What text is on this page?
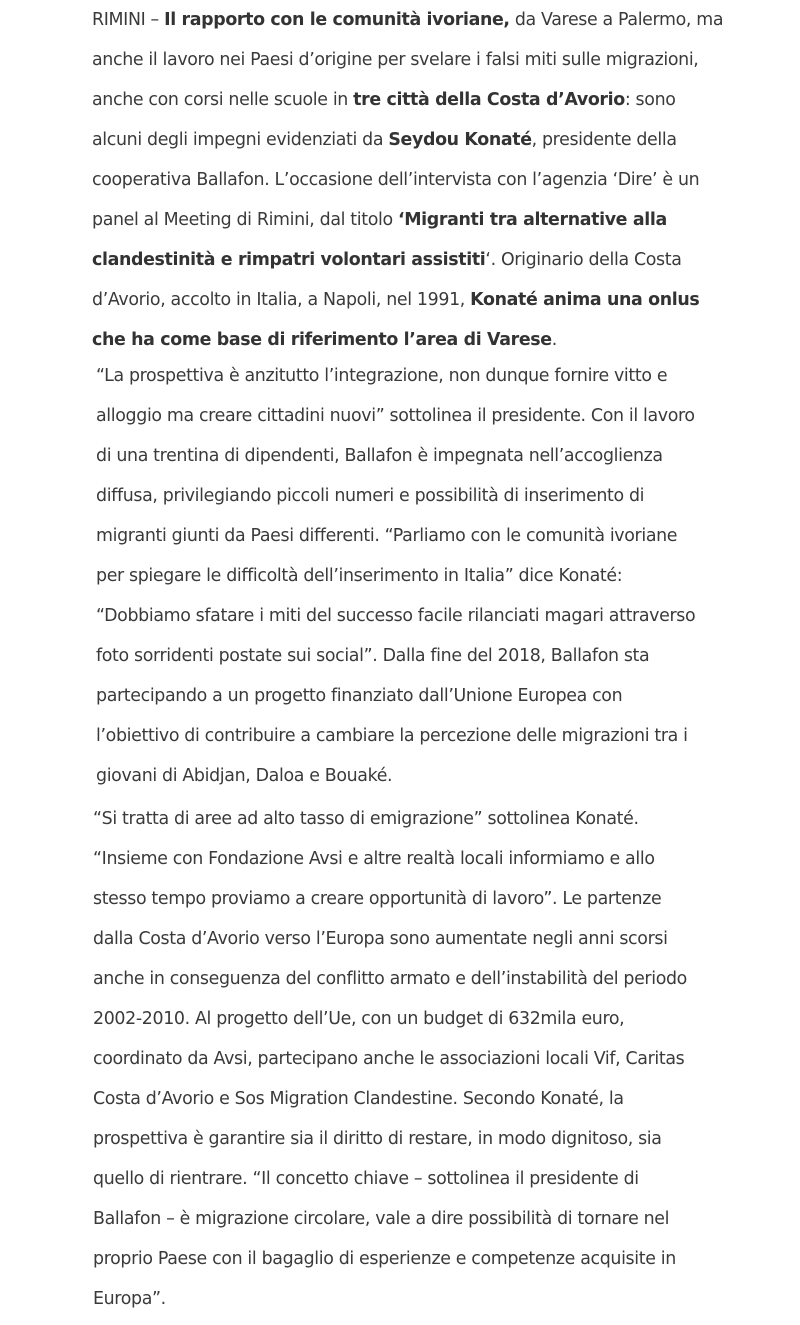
RIMINI – Il rapporto con le comunità ivoriane, da Varese a Palermo, ma
anche il lavoro nei Paesi d’origine per svelare i falsi miti sulle migrazioni,
anche con corsi nelle scuole in tre città della Costa d’Avorio: sono
alcuni degli impegni evidenziati da Seydou Konaté, presidente della
cooperativa Ballafon. L’occasione dell’intervista con l’agenzia ‘Dire’ è un
panel al Meeting di Rimini, dal titolo ‘Migranti tra alternative alla
clandestinità e rimpatri volontari assistiti‘. Originario della Costa
d’Avorio, accolto in Italia, a Napoli, nel 1991, Konaté anima una onlus
che ha come base di riferimento l’area di Varese.

“La prospettiva è anzitutto l’integrazione, non dunque fornire vitto e
alloggio ma creare cittadini nuovi” sottolinea il presidente. Con il lavoro
di una trentina di dipendenti, Ballafon è impegnata nell’accoglienza
diffusa, privilegiando piccoli numeri e possibilità di inserimento di
migranti giunti da Paesi differenti. “Parliamo con le comunità ivoriane
per spiegare le difficoltà dell’inserimento in Italia” dice Konaté:
“Dobbiamo sfatare i miti del successo facile rilanciati magari attraverso
foto sorridenti postate sui social”. Dalla fine del 2018, Ballafon sta
partecipando a un progetto finanziato dall’Unione Europea con
l’obiettivo di contribuire a cambiare la percezione delle migrazioni tra i
giovani di Abidjan, Daloa e Bouaké.

“Si tratta di aree ad alto tasso di emigrazione” sottolinea Konaté.
“Insieme con Fondazione Avsi e altre realtà locali informiamo e allo
stesso tempo proviamo a creare opportunità di lavoro”. Le partenze
dalla Costa d’Avorio verso l’Europa sono aumentate negli anni scorsi
anche in conseguenza del conflitto armato e dell’instabilità del periodo
2002-2010. Al progetto dell’Ue, con un budget di 632mila euro,
coordinato da Avsi, partecipano anche le associazioni locali Vif, Caritas
Costa d’Avorio e Sos Migration Clandestine. Secondo Konaté, la
prospettiva è garantire sia il diritto di restare, in modo dignitoso, sia
quello di rientrare. “Il concetto chiave – sottolinea il presidente di
Ballafon – è migrazione circolare, vale a dire possibilità di tornare nel
proprio Paese con il bagaglio di esperienze e competenze acquisite in
Europa”.
